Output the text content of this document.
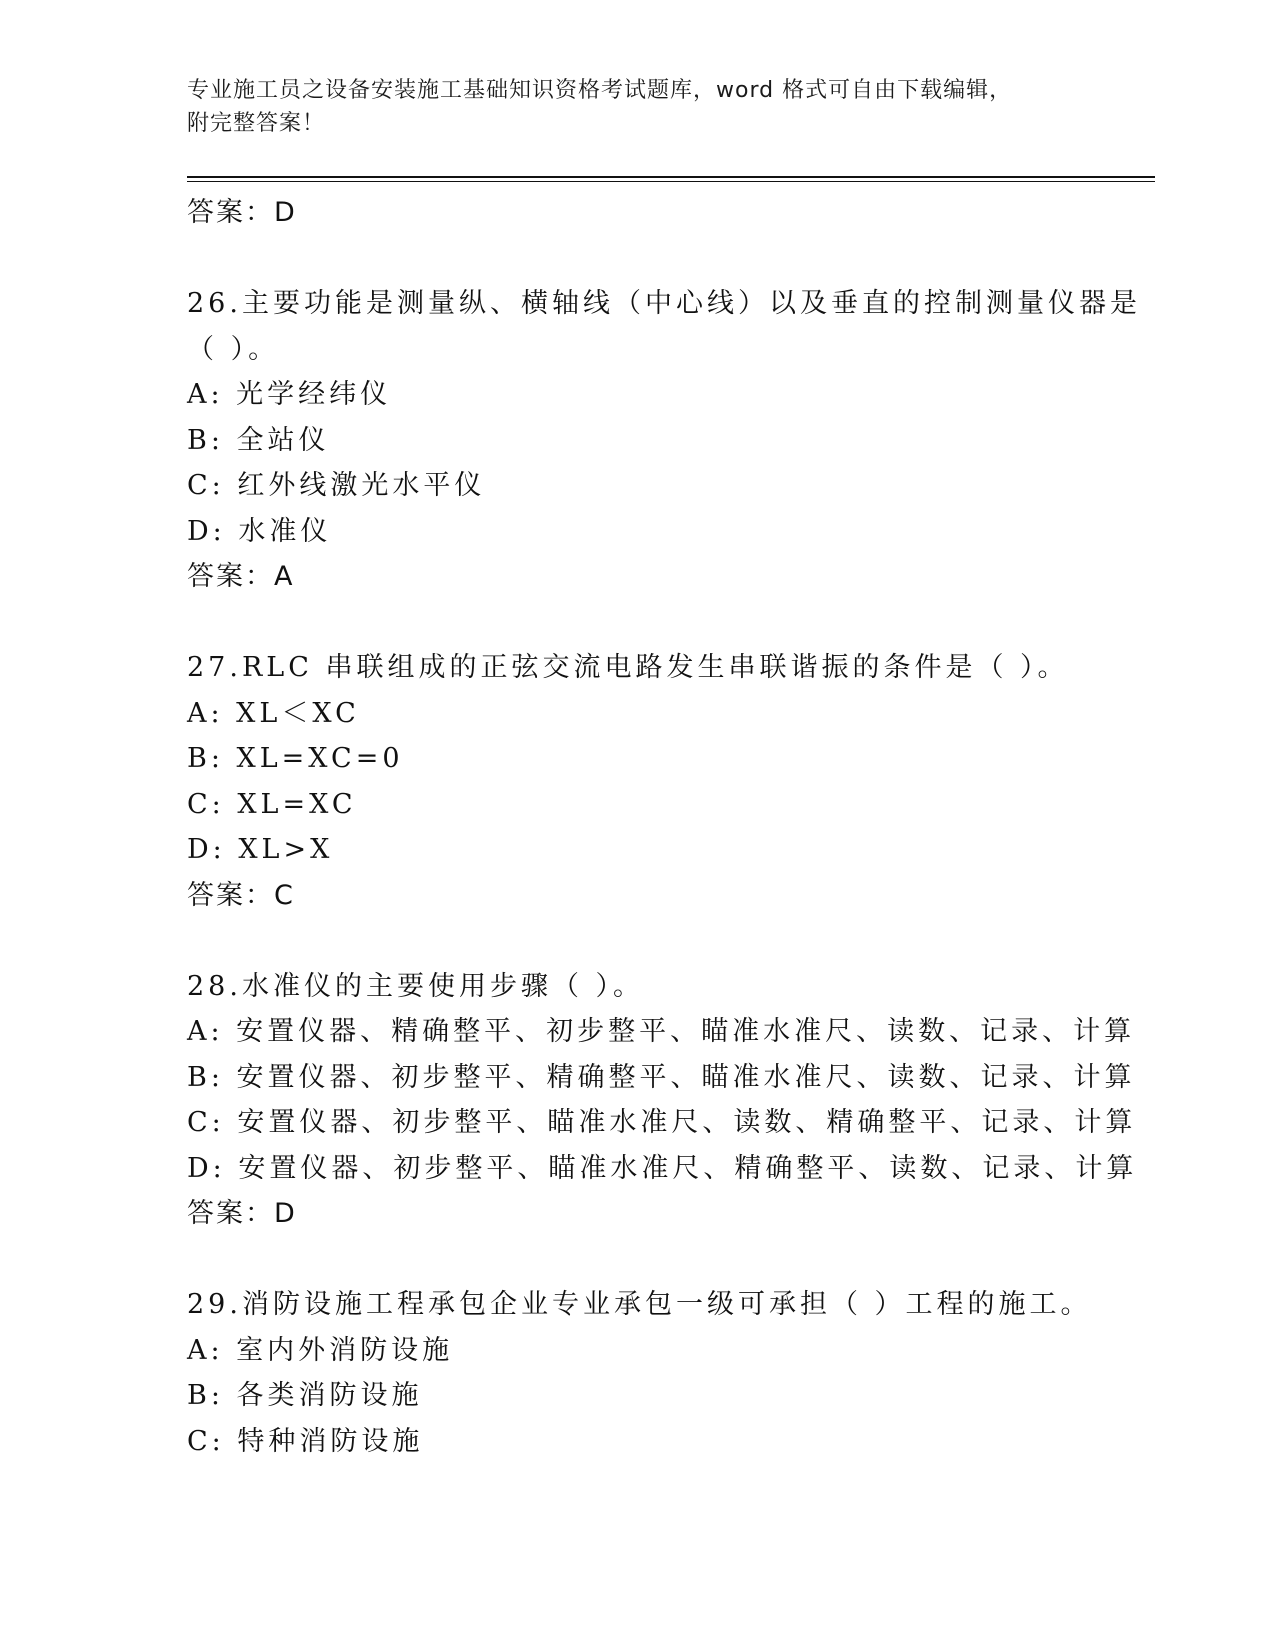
专业施工员之设备安装施工基础知识资格考试题库，word 格式可自由下载编辑，
附完整答案！
答案：D
26.主要功能是测量纵、横轴线（中心线）以及垂直的控制测量仪器是
（ ）。
A: 光学经纬仪
B: 全站仪
C: 红外线激光水平仪
D: 水准仪
答案：A
27.RLC 串联组成的正弦交流电路发生串联谐振的条件是（ ）。
A: XL＜XC
B: XL=XC=0
C: XL=XC
D: XL>X
答案：C
28.水准仪的主要使用步骤（ ）。
A: 安置仪器、精确整平、初步整平、瞄准水准尺、读数、记录、计算
B: 安置仪器、初步整平、精确整平、瞄准水准尺、读数、记录、计算
C: 安置仪器、初步整平、瞄准水准尺、读数、精确整平、记录、计算
D: 安置仪器、初步整平、瞄准水准尺、精确整平、读数、记录、计算
答案：D
29.消防设施工程承包企业专业承包一级可承担（ ）工程的施工。
A: 室内外消防设施
B: 各类消防设施
C: 特种消防设施
